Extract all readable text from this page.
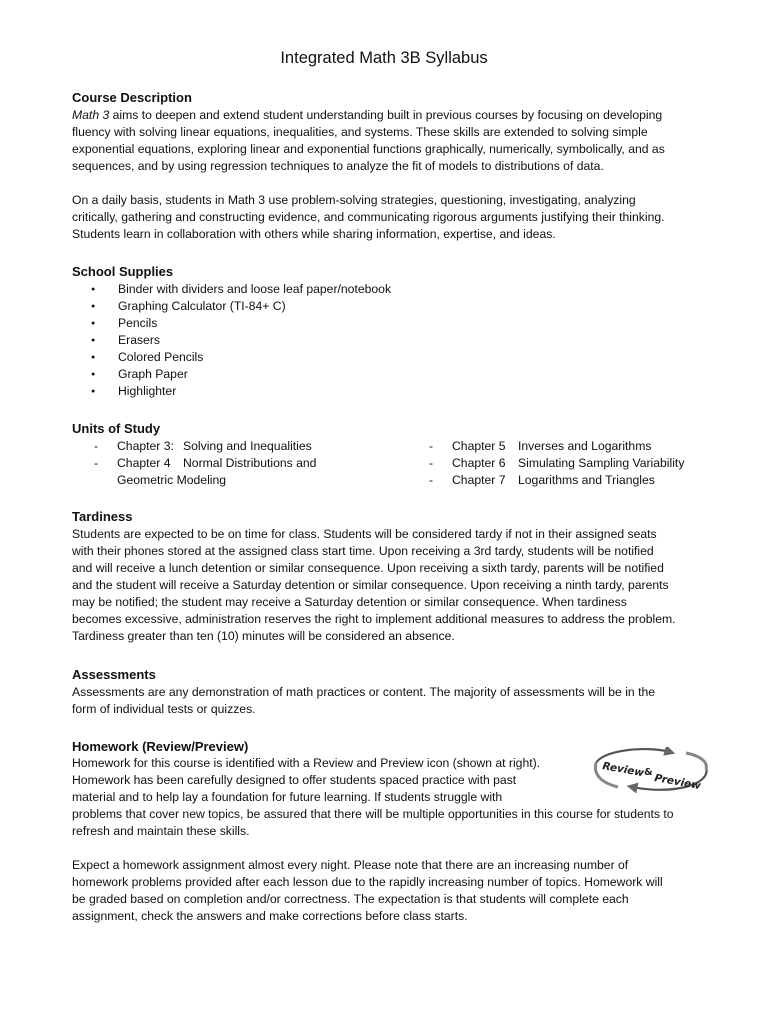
Integrated Math 3B Syllabus
Course Description

Math 3 aims to deepen and extend student understanding built in previous courses by focusing on developing
fluency with solving linear equations, inequalities, and systems. These skills are extended to solving simple
exponential equations, exploring linear and exponential functions graphically, numerically, symbolically, and as
sequences, and by using regression techniques to analyze the fit of models to distributions of data.

On a daily basis, students in Math 3 use problem-solving strategies, questioning, investigating, analyzing
critically, gathering and constructing evidence, and communicating rigorous arguments justifying their thinking.
Students learn in collaboration with others while sharing information, expertise, and ideas.

School Supplies
● Binder with dividers and loose leaf paper/notebook
● Graphing Calculator (TI-84+ C)
● Pencils
● Erasers
● Colored Pencils
● Graph Paper
● Highlighter
Units of Study
- Chapter 3: Solving and Inequalities
- Chapter 4 Normal Distributions and
Geometric Modeling
- Chapter 5 Inverses and Logarithms
- Chapter 6 Simulating Sampling Variability
- Chapter 7 Logarithms and Triangles
Tardiness

Students are expected to be on time for class. Students will be considered tardy if not in their assigned seats
with their phones stored at the assigned class start time. Upon receiving a 3rd tardy, students will be notified
and will receive a lunch detention or similar consequence. Upon receiving a sixth tardy, parents will be notified
and the student will receive a Saturday detention or similar consequence. Upon receiving a ninth tardy, parents
may be notified; the student may receive a Saturday detention or similar consequence. When tardiness
becomes excessive, administration reserves the right to implement additional measures to address the problem.
Tardiness greater than ten (10) minutes will be considered an absence.

Assessments

Assessments are any demonstration of math practices or content. The majority of assessments will be in the
form of individual tests or quizzes.

Homework (Review/Preview)

Homework for this course is identified with a Review and Preview icon (shown at right).
Homework has been carefully designed to offer students spaced practice with past
material and to help lay a foundation for future learning. If students struggle with
problems that cover new topics, be assured that there will be multiple opportunities in this course for students to
refresh and maintain these skills.

Expect a homework assignment almost every night. Please note that there are an increasing number of
homework problems provided after each lesson due to the rapidly increasing number of topics. Homework will
be graded based on completion and/or correctness. The expectation is that students will complete each
assignment, check the answers and make corrections before class starts.

Review & Preview
